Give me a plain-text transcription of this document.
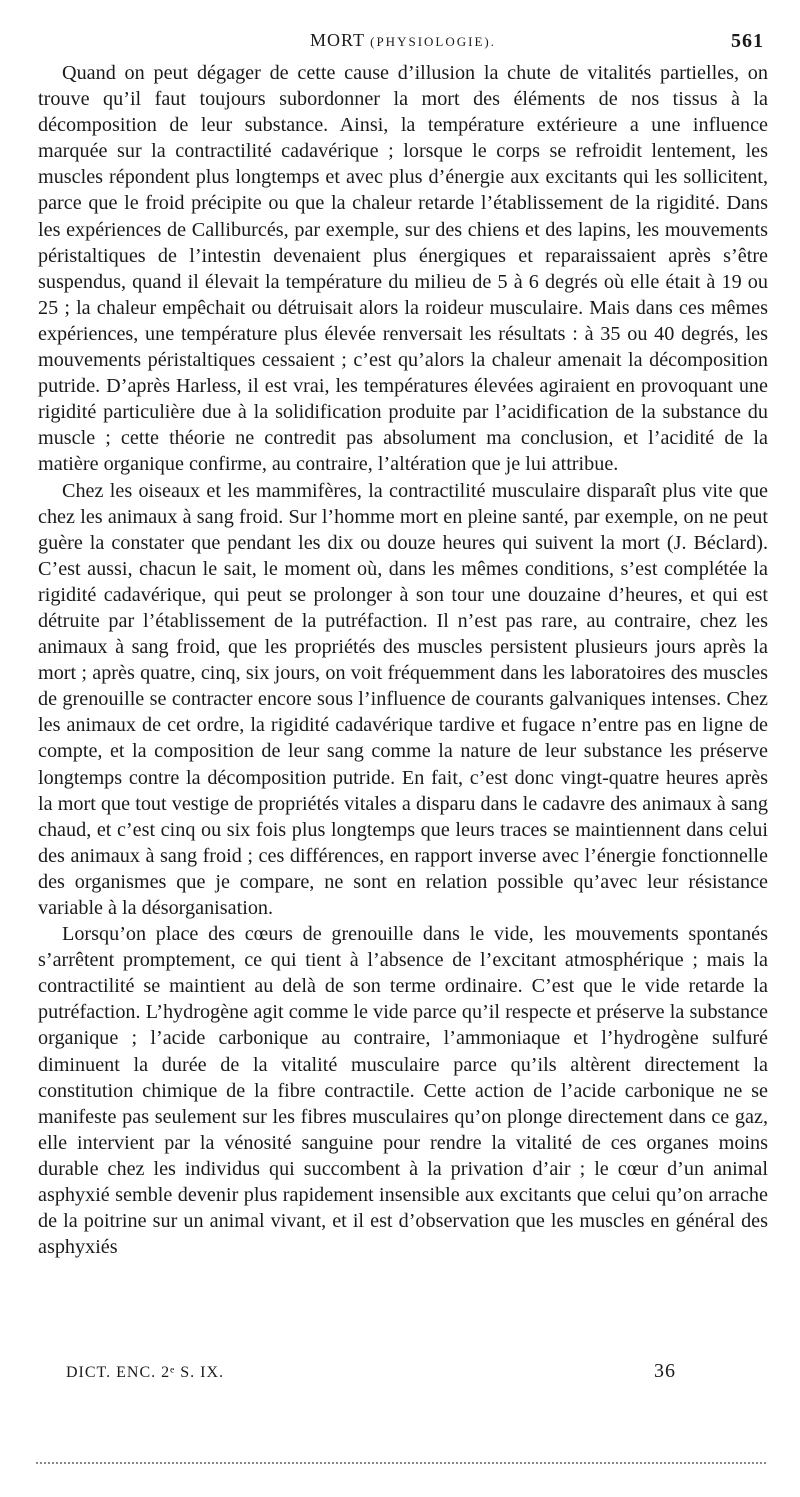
MORT (PHYSIOLOGIE).	561

Quand on peut dégager de cette cause d’illusion la chute de vitalités partielles, on trouve qu’il faut toujours subordonner la mort des éléments de nos tissus à la décomposition de leur substance. Ainsi, la température extérieure a une influence marquée sur la contractilité cadavérique ; lorsque le corps se refroidit lentement, les muscles répondent plus longtemps et avec plus d’énergie aux excitants qui les sollicitent, parce que le froid précipite ou que la chaleur retarde l’établissement de la rigidité. Dans les expériences de Calliburcés, par exemple, sur des chiens et des lapins, les mouvements péristaltiques de l’intestin devenaient plus énergiques et reparaissaient après s’être suspendus, quand il élevait la température du milieu de 5 à 6 degrés où elle était à 19 ou 25 ; la chaleur empêchait ou détruisait alors la roideur musculaire. Mais dans ces mêmes expériences, une température plus élevée renversait les résultats : à 35 ou 40 degrés, les mouvements péristaltiques cessaient ; c’est qu’alors la chaleur amenait la décomposition putride. D’après Harless, il est vrai, les températures élevées agiraient en provoquant une rigidité particulière due à la solidification produite par l’acidification de la substance du muscle ; cette théorie ne contredit pas absolument ma conclusion, et l’acidité de la matière organique confirme, au contraire, l’altération que je lui attribue.

Chez les oiseaux et les mammifères, la contractilité musculaire disparaît plus vite que chez les animaux à sang froid. Sur l’homme mort en pleine santé, par exemple, on ne peut guère la constater que pendant les dix ou douze heures qui suivent la mort (J. Béclard). C’est aussi, chacun le sait, le moment où, dans les mêmes conditions, s’est complétée la rigidité cadavérique, qui peut se prolonger à son tour une douzaine d’heures, et qui est détruite par l’établissement de la putréfaction. Il n’est pas rare, au contraire, chez les animaux à sang froid, que les propriétés des muscles persistent plusieurs jours après la mort ; après quatre, cinq, six jours, on voit fréquemment dans les laboratoires des muscles de grenouille se contracter encore sous l’influence de courants galvaniques intenses. Chez les animaux de cet ordre, la rigidité cadavérique tardive et fugace n’entre pas en ligne de compte, et la composition de leur sang comme la nature de leur substance les préserve longtemps contre la décomposition putride. En fait, c’est donc vingt-quatre heures après la mort que tout vestige de propriétés vitales a disparu dans le cadavre des animaux à sang chaud, et c’est cinq ou six fois plus longtemps que leurs traces se maintiennent dans celui des animaux à sang froid ; ces différences, en rapport inverse avec l’énergie fonctionnelle des organismes que je compare, ne sont en relation possible qu’avec leur résistance variable à la désorganisation.

Lorsqu’on place des cœurs de grenouille dans le vide, les mouvements spontanés s’arrêtent promptement, ce qui tient à l’absence de l’excitant atmosphérique ; mais la contractilité se maintient au delà de son terme ordinaire. C’est que le vide retarde la putréfaction. L’hydrogène agit comme le vide parce qu’il respecte et préserve la substance organique ; l’acide carbonique au contraire, l’ammoniaque et l’hydrogène sulfuré diminuent la durée de la vitalité musculaire parce qu’ils altèrent directement la constitution chimique de la fibre contractile. Cette action de l’acide carbonique ne se manifeste pas seulement sur les fibres musculaires qu’on plonge directement dans ce gaz, elle intervient par la vénosité sanguine pour rendre la vitalité de ces organes moins durable chez les individus qui succombent à la privation d’air ; le cœur d’un animal asphyxié semble devenir plus rapidement insensible aux excitants que celui qu’on arrache de la poitrine sur un animal vivant, et il est d’observation que les muscles en général des asphyxiés

DICT. ENC. 2ᵉ S. IX.	36
